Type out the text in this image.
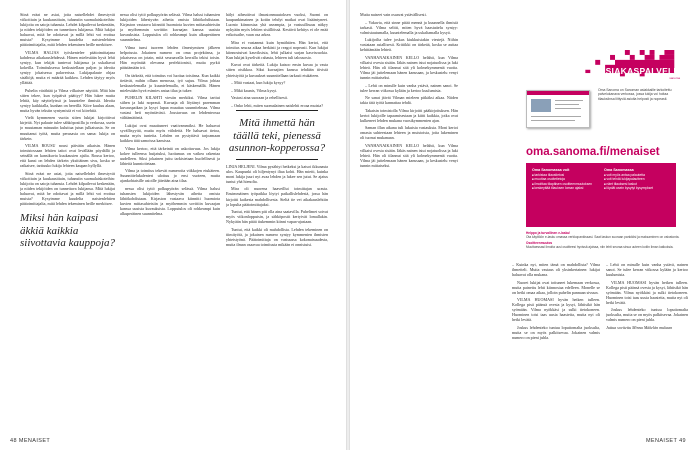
Siinä eräat ne asiat, joita naisellehdet ilmestyvät viikoittain ja kuukausittain, tuhansiin suomalaiskoteihin: lukijoita on satoja tuhansia. Lehdet kilpailevat keskenään, ja niiden tekijöiden on tunnettava lukijansa. Mitä lukijat haluavat, mitä he odottavat ja millä lehti voi erottua muista? Kysyimme kuudelta naistenlehtien päätoimittajalta, mitä lehden tekeminen heille merkitsee.

VILMA HALJAS työskentelee päätoimittajana kahdessa aikakauslehdessä. Hänen mielestään hyvä lehti syntyy, kun tekijät tuntevat lukijansa ja uskaltavat kokeilla. Toimituksessa keskustellaan paljon ja ideoita syntyy jokaisessa palaverissa. Lukijapalaute ohjaa sisältöjä, mutta ei määrää kaikkea. Lehden täytyy myös yllättää.

Puhelin värähtää ja Vilma vilkaisee näyttöä. Mitä hän sitten tekee, kun työpäivä päättyy? Hän lukee muita lehtiä, käy näyttelyissä ja kuuntelee ihmisiä. Ideoita syntyy kaikkialla, kunhan on hereillä. Kiire kuuluu alaan, mutta hyvän tekstin syntymistä ei voi kiirehtiä.

Vielä kymmenen vuotta sitten lukijat kirjoittivat kirjeitä. Nyt palaute tulee sähköpostilla ja verkossa, usein jo muutaman minuutin kuluttua jutun julkaisusta. Se on muuttanut työtä, mutta perusasia on sama: lukija on tärkein.

VILMA ROUSU nousi päivään aikaisin. Hänen toimistossaan lehtien taitot ovat levällään pöydällä ja seinällä on kansikuvia kuukausien ajalta. Rousu kertoo, että kansi on lehden tärkein yksittäinen sivu, koska se ratkaisee, tarttuuko lukija lehteen kaupan hyllyllä.

Siinä eräat ne asiat, joita naisellehdet ilmestyvät viikoittain ja kuukausittain, tuhansiin suomalaiskoteihin: lukijoita on satoja tuhansia. Lehdet kilpailevat keskenään, ja niiden tekijöiden on tunnettava lukijansa. Mitä lukijat haluavat, mitä he odottavat ja millä lehti voi erottua muista? Kysyimme kuudelta naistenlehtien päätoimittajalta, mitä lehden tekeminen heille merkitsee.

Miksi hän kaipasi äkkiä kaikkia siivottavia kauppoja?

nessa olisi tyttö polkupyörän selässä. Vilma halusi tuhansien lukijoiden lähestyvän aihetta omista lähtökohdistaan. Kirjaston vastaava kiinnitti huomiota kuvien mittasuhteisiin ja myöhemmin sovittiin kuvaajan kanssa uusista kuvauksista. Lopputulos oli rohkeampi kuin alkuperäinen suunnitelma.

Vilma tunsi tuoreen lehden ilmestymisen jälkeen helpotusta. Jokainen numero on oma projektinsa, ja jokaisessa on jotain, mitä seuraavalla kerralla tekisi toisin. Hän myöntää olevansa perfektionisti, mutta pyrkii päästämään irti.

On tärkeää, että toimitus voi luottaa toisiinsa. Kun kaikki tietävät, mihin ollaan menossa, työ sujuu. Vilma johtaa keskustelemalla ja kuuntelemalla, ei käskemällä. Hänen mielestään hyvä esimies antaa tilaa ja tukee.

PUHELIN KILAHTI viestin merkiksi. Vilma tarttui siihen ja luki nopeasti. Kuvaaja oli löytänyt paremman kuvauspaikan ja kysyi lupaa muuttaa suunnitelmaa. Vilma vastasi heti myöntävästi. Joustavuus on lehdenteossa välttämätöntä.

Lukijat ovat muuttuneet vaativammiksi. He haluavat syvällisyyttä, mutta myös viihdettä. He haluavat tietoa, mutta myös tunteita. Lehden on pystyttävä tarjoamaan kaikkea tätä samoissa kansissa.

Vilma kertoo, että tärkeintä on uskottavuus. Jos lukija kokee tulleensa huijatuksi, luottamus on vaikea rakentaa uudelleen. Siksi jokainen juttu tarkistetaan huolellisesti ja lähteitä kunnioitetaan.

Vilma ja toimitus tekevät numeroita viikkojen etukäteen. Suunnittelukalenteri ulottuu jo ensi vuoteen, mutta ajankohtaisille asioille jätetään aina tilaa.

nessa olisi tyttö polkupyörän selässä. Vilma halusi tuhansien lukijoiden lähestyvän aihetta omista lähtökohdistaan. Kirjaston vastaava kiinnitti huomiota kuvien mittasuhteisiin ja myöhemmin sovittiin kuvaajan kanssa uusista kuvauksista. Lopputulos oli rohkeampi kuin alkuperäinen suunnitelma.

hälyt aiheuttivat ilmastonmuutoksen vuoksi, Suomi on kaupunkimainen ja kotiin tehdyt matkat ovat lisääntyneet. Luonto kiinnostaa yhä useampia, ja vastuullisuus näkyy nykyään myös lehtien sisällöissä. Kestävä kehitys ei ole enää erikoisaihe, vaan osa arkea.

Mira ei vastannut kuin hymähtäen. Hän kertoi, että toimitus seuraa aikaa herkästi ja reagoi nopeasti. Kun lukijat kiinnostuivat kasviksista, lehti julkaisi sarjan kasvisruokia. Kun lukijat kyselivät rahasta, lehteen tuli talousosio.

Kuvat ovat tärkeitä. Lukija katsoo ensin kuvaa ja vasta sitten otsikkoa. Siksi kuvaajien kanssa tehdään tiivistä yhteistyötä ja kuvaukset suunnitellaan tarkasti etukäteen.

– Mitä vastaat, kun lukija kysyy?

– Mikä kaunis, Vilma kysyi.

Vastasi aina suoraan ja rehellisesti.

– Onko lehti, miten suomalainen naislehti eroaa muista?

Mitä ihmettä hän täällä teki, pienessä asunnon-kopperossa?

LINJA HELJENI. Vilma pysähtyi hetkeksi ja katsoi ikkunasta ulos. Kaupunki oli hiljentynyt iltaa kohti. Hän mietti, kuinka moni lukija juuri nyt avaa lehden ja lukee sen jutut. Se ajatus tuntui yhä hienolta.

Mira oli nuorena haaveillut toimittajan urasta. Ensimmäinen työpaikka löytyi paikallislehdestä, jossa hän kirjoitti kaikesta mahdollisesta. Sieltä tie vei aikakauslehtiin ja lopulta päätoimittajaksi.

Tuntui, että hänen piti olla aina saatavilla. Puhelimet soivat myös viikonloppuisin, ja sähköpostit kertyivät lomallakin. Nykyään hän pitää tiukemmin kiinni vapaa-ajastaan.

Tuntui, että kaikki oli mahdollista. Lehden tekeminen on tiimityötä, ja jokainen numero syntyy kymmenien ihmisten yhteistyönä. Päätoimittaja on vastuussa kokonaisuudesta, mutta ilman osaavaa toimitusta mikään ei onnistuisi.

48 MENAISET

Mutta naiseet vain osaavat ystävällisesti.

– Vakavia, että sinne pitää mennä ja kuunnella ihmisiä tarkasti. Vilma selitti, miten hyvä haastattelu syntyy: valmistautumalla, kuuntelemalla ja uskaltamalla kysyä.

Lukijoilta tulee joskus kiukkuisiakin viestejä. Niihin vastataan asiallisesti. Kritiikki on tärkeää, koska se auttaa kehittämään lehteä.

VANHANAIKAINEN KELLO helähti, kun Vilma vilkaisi ovesta sisään. Iäkäs nainen istui nojatuolissa ja luki lehteä. Hän oli tilannut sitä yli kolmekymmentä vuotta. Vilma jäi juttelemaan hänen kanssaan, ja keskustelu venyi tunnin mittaiseksi.

– Lehti on minulle kuin vanha ystävä, nainen sanoi. Se tulee kerran viikossa kylään ja kertoo kuulumisia.

Ne sanat jäivät Vilman mieleen pitkäksi aikaa. Niiden takia tätä työtä kannattaa tehdä.

Takaisin toimistolla Vilma kirjoitti pääkirjoituksen. Hän kertoi lukijoille tapaamisestaan ja kiitti kaikkia, jotka ovat kulkeneet lehden mukana vuosikymmenten ajan.

Saman illan aikana tuli lukuisia vastauksia. Moni kertoi omasta suhteestaan lehteen ja muistoista, joita lukeminen oli tuonut mukanaan.

VANHANAIKAINEN KELLO helähti, kun Vilma vilkaisi ovesta sisään. Iäkäs nainen istui nojatuolissa ja luki lehteä. Hän oli tilannut sitä yli kolmekymmentä vuotta. Vilma jäi juttelemaan hänen kanssaan, ja keskustelu venyi tunnin mittaiseksi.

– Kuinka nyt, miten tämä on mahdollista? Vilma ihmetteli. Mutta vastaus oli yksinkertainen: lukijat haluavat olla mukana.

Nuoret lukijat ovat tottuneet lukemaan verkossa, mutta painettu lehti kiinnostaa edelleen. Monelle se on hetki omaa aikaa, jolloin puhelin pannaan sivuun.

VILMA HUOMASI hyvän hetken tulleen. Kollega pisti päänsä ovesta ja kysyi, lähtisikö hän syömään. Vilma nyökkäsi ja sulki tietokoneen. Huominen toisi taas uusia haasteita, mutta nyt oli hetki levätä.

Joskus lehdenteko tuntuu loputtomalta juoksulta, mutta se on myös palkitsevaa. Jokainen valmis numero on pieni juhla.

– Lehti on minulle kuin vanha ystävä, nainen sanoi. Se tulee kerran viikossa kylään ja kertoo kuulumisia.

VILMA HUOMASI hyvän hetken tulleen. Kollega pisti päänsä ovesta ja kysyi, lähtisikö hän syömään. Vilma nyökkäsi ja sulki tietokoneen. Huominen toisi taas uusia haasteita, mutta nyt oli hetki levätä.

Joskus lehdenteko tuntuu loputtomalta juoksulta, mutta se on myös palkitsevaa. Jokainen valmis numero on pieni juhla.

Juttua sovitettu Minna Mäkelän mukaan

MENAISET 49
ASIAKASPALVELU
sanoma
Oma Sanoma on Sanoman asiakkaille tarkoitettu palvelukanava verkossa, jossa lukija voi hoitaa tilauksiinsa liittyviä asioita helposti ja nopeasti.
oma.sanoma.fi/menaiset
Oma Sanomassa voit
■ tarkistaa tilaustietosi
■ muuttaa osoitetietoja
■ ilmoittaa tilapäisen osoitteenmuutoksen
■ keskeyttää tilauksen loman ajaksi
Oma Sanomassa
■ voit myös antaa palautetta
■ voit tehdä lukijapalautteen
■ näet tilauksesi laskut
■ löydät usein kysytyt kysymykset
Helppo ja turvallinen e-lasku!
Ota käyttöön e-lasku omassa verkkopankissasi. Saat laskun suoraan pankkiisi ja maksaminen on vaivatonta.
Osoitteenmuutos
Muuttaessasi ilmoita uusi osoitteesi hyvissä ajoissa, niin lehti seuraa sinua uuteen kotiin ilman katkoksia.
